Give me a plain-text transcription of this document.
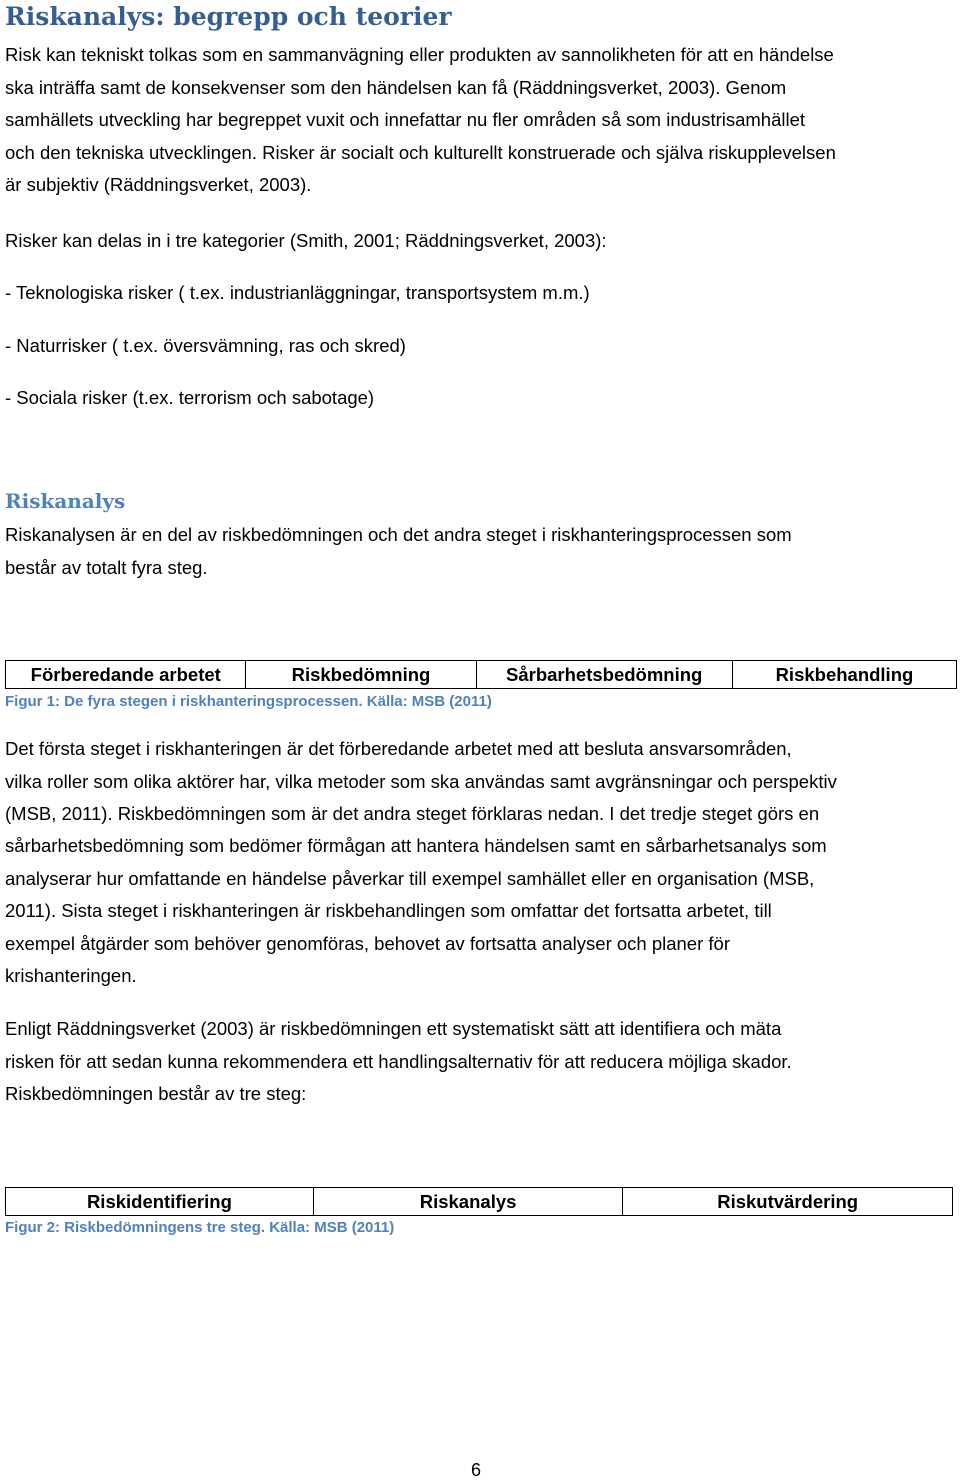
Riskanalys: begrepp och teorier

Risk kan tekniskt tolkas som en sammanvägning eller produkten av sannolikheten för att en händelse

ska inträffa samt de konsekvenser som den händelsen kan få (Räddningsverket, 2003). Genom

samhällets utveckling har begreppet vuxit och innefattar nu fler områden så som industrisamhället

och den tekniska utvecklingen. Risker är socialt och kulturellt konstruerade och själva riskupplevelsen

är subjektiv (Räddningsverket, 2003).

Risker kan delas in i tre kategorier (Smith, 2001; Räddningsverket, 2003):

- Teknologiska risker ( t.ex. industrianläggningar, transportsystem m.m.)

- Naturrisker ( t.ex. översvämning, ras och skred)

- Sociala risker (t.ex. terrorism och sabotage)

Riskanalys

Riskanalysen är en del av riskbedömningen och det andra steget i riskhanteringsprocessen som

består av totalt fyra steg.

Förberedande arbetet	Riskbedömning	Sårbarhetsbedömning	Riskbehandling

Figur 1: De fyra stegen i riskhanteringsprocessen. Källa: MSB (2011)

Det första steget i riskhanteringen är det förberedande arbetet med att besluta ansvarsområden,

vilka roller som olika aktörer har, vilka metoder som ska användas samt avgränsningar och perspektiv

(MSB, 2011). Riskbedömningen som är det andra steget förklaras nedan. I det tredje steget görs en

sårbarhetsbedömning som bedömer förmågan att hantera händelsen samt en sårbarhetsanalys som

analyserar hur omfattande en händelse påverkar till exempel samhället eller en organisation (MSB,

2011). Sista steget i riskhanteringen är riskbehandlingen som omfattar det fortsatta arbetet, till

exempel åtgärder som behöver genomföras, behovet av fortsatta analyser och planer för

krishanteringen.

Enligt Räddningsverket (2003) är riskbedömningen ett systematiskt sätt att identifiera och mäta

risken för att sedan kunna rekommendera ett handlingsalternativ för att reducera möjliga skador.

Riskbedömningen består av tre steg:

Riskidentifiering	Riskanalys	Riskutvärdering

Figur 2: Riskbedömningens tre steg. Källa: MSB (2011)

6
